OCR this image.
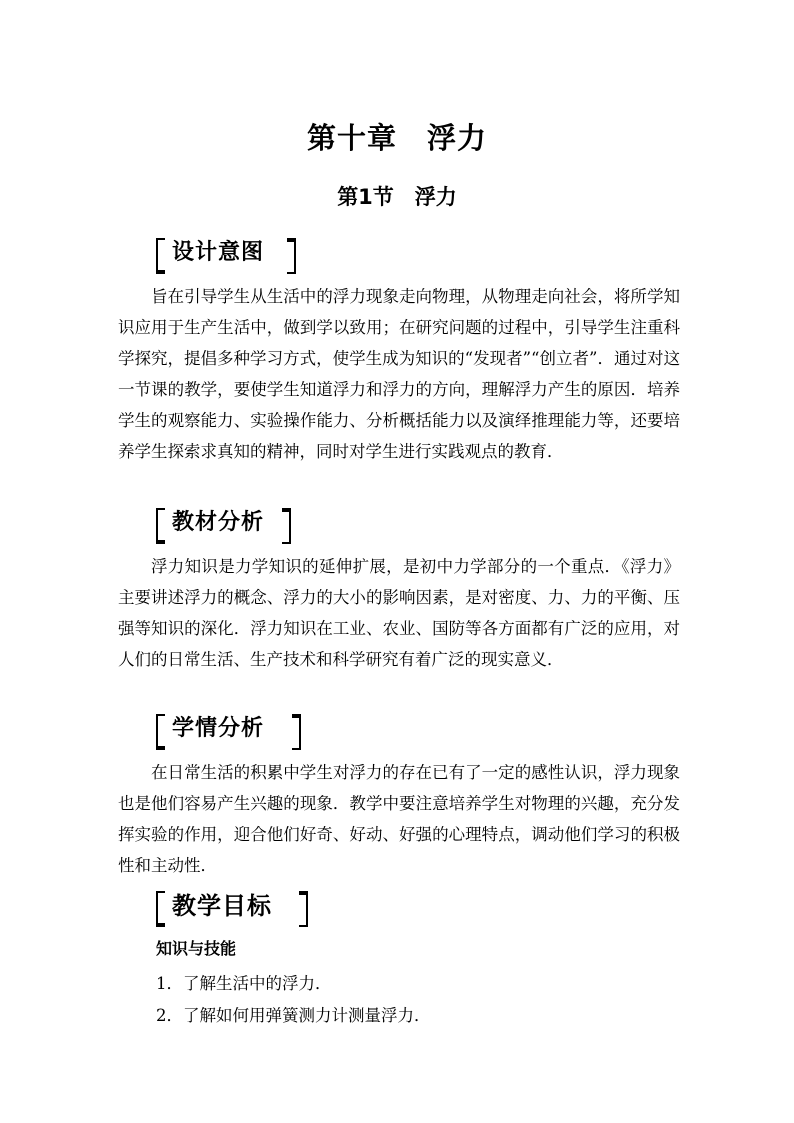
第十章　浮力
第1节　浮力
设计意图
旨在引导学生从生活中的浮力现象走向物理，从物理走向社会，将所学知识应用于生产生活中，做到学以致用；在研究问题的过程中，引导学生注重科学探究，提倡多种学习方式，使学生成为知识的“发现者”“创立者”．通过对这一节课的教学，要使学生知道浮力和浮力的方向，理解浮力产生的原因．培养学生的观察能力、实验操作能力、分析概括能力以及演绎推理能力等，还要培养学生探索求真知的精神，同时对学生进行实践观点的教育．
教材分析
浮力知识是力学知识的延伸扩展，是初中力学部分的一个重点．《浮力》主要讲述浮力的概念、浮力的大小的影响因素，是对密度、力、力的平衡、压强等知识的深化．浮力知识在工业、农业、国防等各方面都有广泛的应用，对人们的日常生活、生产技术和科学研究有着广泛的现实意义．
学情分析
在日常生活的积累中学生对浮力的存在已有了一定的感性认识，浮力现象也是他们容易产生兴趣的现象．教学中要注意培养学生对物理的兴趣，充分发挥实验的作用，迎合他们好奇、好动、好强的心理特点，调动他们学习的积极性和主动性．
教学目标
知识与技能
1．了解生活中的浮力．
2．了解如何用弹簧测力计测量浮力．
